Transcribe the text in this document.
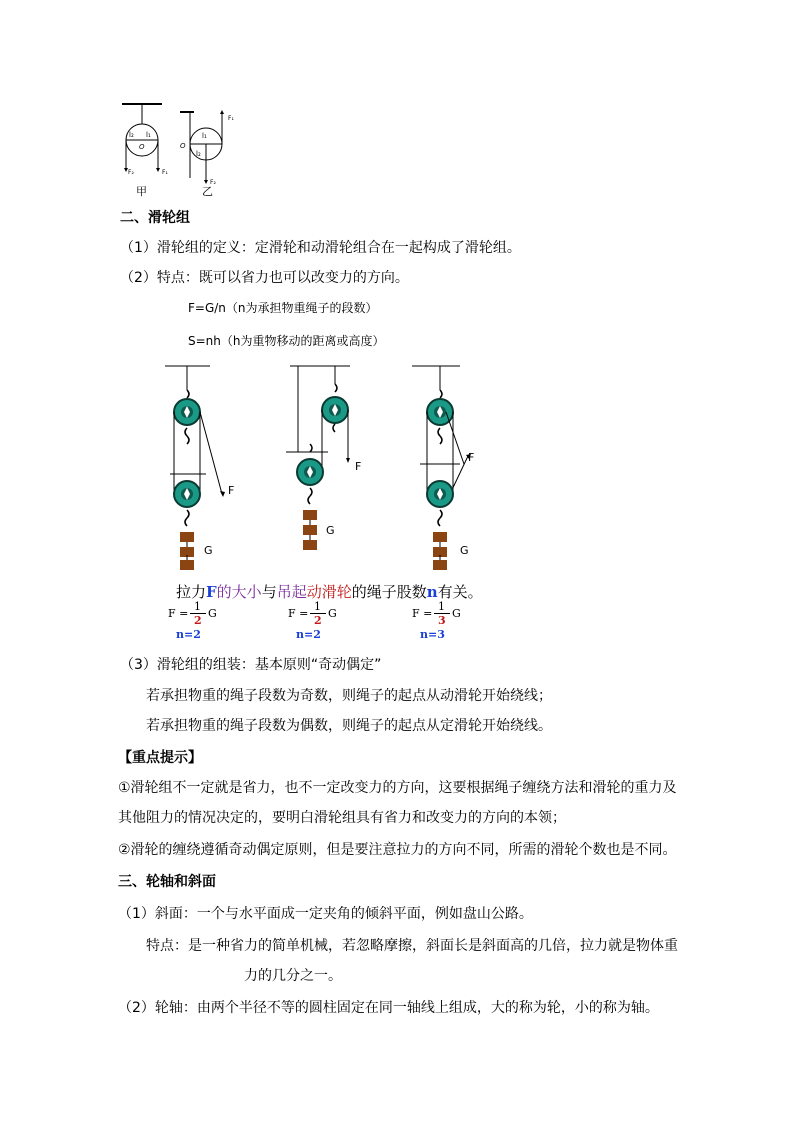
l₂ l₁
O
F₂	F₁
O
l₁
l₂
F₁
F₂
甲	乙
二、滑轮组
（1）滑轮组的定义：定滑轮和动滑轮组合在一起构成了滑轮组。
（2）特点：既可以省力也可以改变力的方向。
F=G/n（n为承担物重绳子的段数）
S=nh（h为重物移动的距离或高度）
F
F
G
F
G	G
拉力F的大小与吊起动滑轮的绳子股数n有关。
F =
1
2
G
n=2
F =
1
2
G
n=2
F =
1
3
G
n=3
（3）滑轮组的组装：基本原则“奇动偶定”
若承担物重的绳子段数为奇数，则绳子的起点从动滑轮开始绕线；
若承担物重的绳子段数为偶数，则绳子的起点从定滑轮开始绕线。
【重点提示】
①滑轮组不一定就是省力，也不一定改变力的方向，这要根据绳子缠绕方法和滑轮的重力及
其他阻力的情况决定的，要明白滑轮组具有省力和改变力的方向的本领；
②滑轮的缠绕遵循奇动偶定原则，但是要注意拉力的方向不同，所需的滑轮个数也是不同。
三、轮轴和斜面
（1）斜面：一个与水平面成一定夹角的倾斜平面，例如盘山公路。
特点：是一种省力的简单机械，若忽略摩擦，斜面长是斜面高的几倍，拉力就是物体重
力的几分之一。
（2）轮轴：由两个半径不等的圆柱固定在同一轴线上组成，大的称为轮，小的称为轴。
